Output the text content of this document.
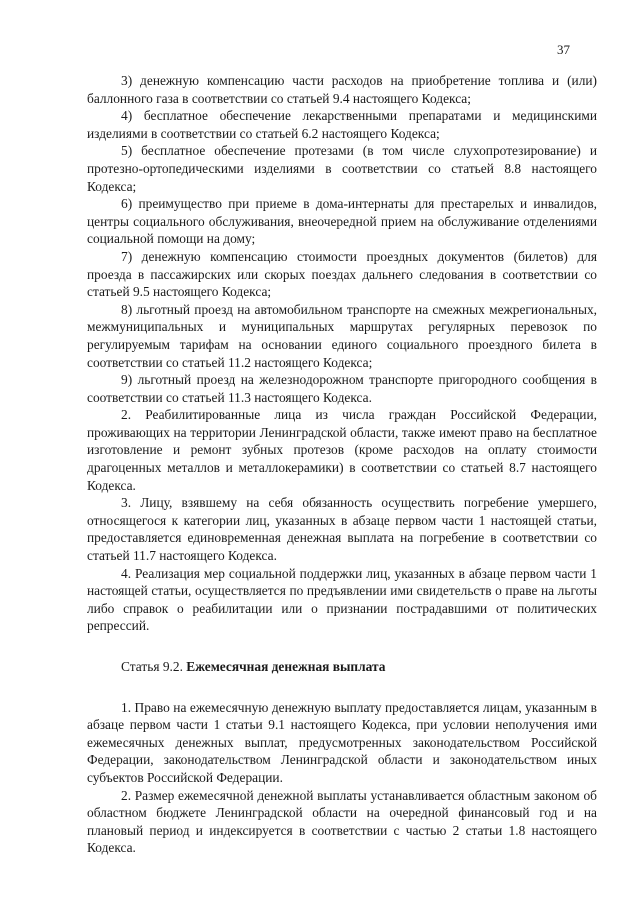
37

3) денежную компенсацию части расходов на приобретение топлива и (или) баллонного газа в соответствии со статьей 9.4 настоящего Кодекса;

4) бесплатное обеспечение лекарственными препаратами и медицинскими изделиями в соответствии со статьей 6.2 настоящего Кодекса;

5) бесплатное обеспечение протезами (в том числе слухопротезирование) и протезно-ортопедическими изделиями в соответствии со статьей 8.8 настоящего Кодекса;

6) преимущество при приеме в дома-интернаты для престарелых и инвалидов, центры социального обслуживания, внеочередной прием на обслуживание отделениями социальной помощи на дому;

7) денежную компенсацию стоимости проездных документов (билетов) для проезда в пассажирских или скорых поездах дальнего следования в соответствии со статьей 9.5 настоящего Кодекса;

8) льготный проезд на автомобильном транспорте на смежных межрегиональных, межмуниципальных и муниципальных маршрутах регулярных перевозок по регулируемым тарифам на основании единого социального проездного билета в соответствии со статьей 11.2 настоящего Кодекса;

9) льготный проезд на железнодорожном транспорте пригородного сообщения в соответствии со статьей 11.3 настоящего Кодекса.

2. Реабилитированные лица из числа граждан Российской Федерации, проживающих на территории Ленинградской области, также имеют право на бесплатное изготовление и ремонт зубных протезов (кроме расходов на оплату стоимости драгоценных металлов и металлокерамики) в соответствии со статьей 8.7 настоящего Кодекса.

3. Лицу, взявшему на себя обязанность осуществить погребение умершего, относящегося к категории лиц, указанных в абзаце первом части 1 настоящей статьи, предоставляется единовременная денежная выплата на погребение в соответствии со статьей 11.7 настоящего Кодекса.

4. Реализация мер социальной поддержки лиц, указанных в абзаце первом части 1 настоящей статьи, осуществляется по предъявлении ими свидетельств о праве на льготы либо справок о реабилитации или о признании пострадавшими от политических репрессий.

Статья 9.2. Ежемесячная денежная выплата

1. Право на ежемесячную денежную выплату предоставляется лицам, указанным в абзаце первом части 1 статьи 9.1 настоящего Кодекса, при условии неполучения ими ежемесячных денежных выплат, предусмотренных законодательством Российской Федерации, законодательством Ленинградской области и законодательством иных субъектов Российской Федерации.

2. Размер ежемесячной денежной выплаты устанавливается областным законом об областном бюджете Ленинградской области на очередной финансовый год и на плановый период и индексируется в соответствии с частью 2 статьи 1.8 настоящего Кодекса.
